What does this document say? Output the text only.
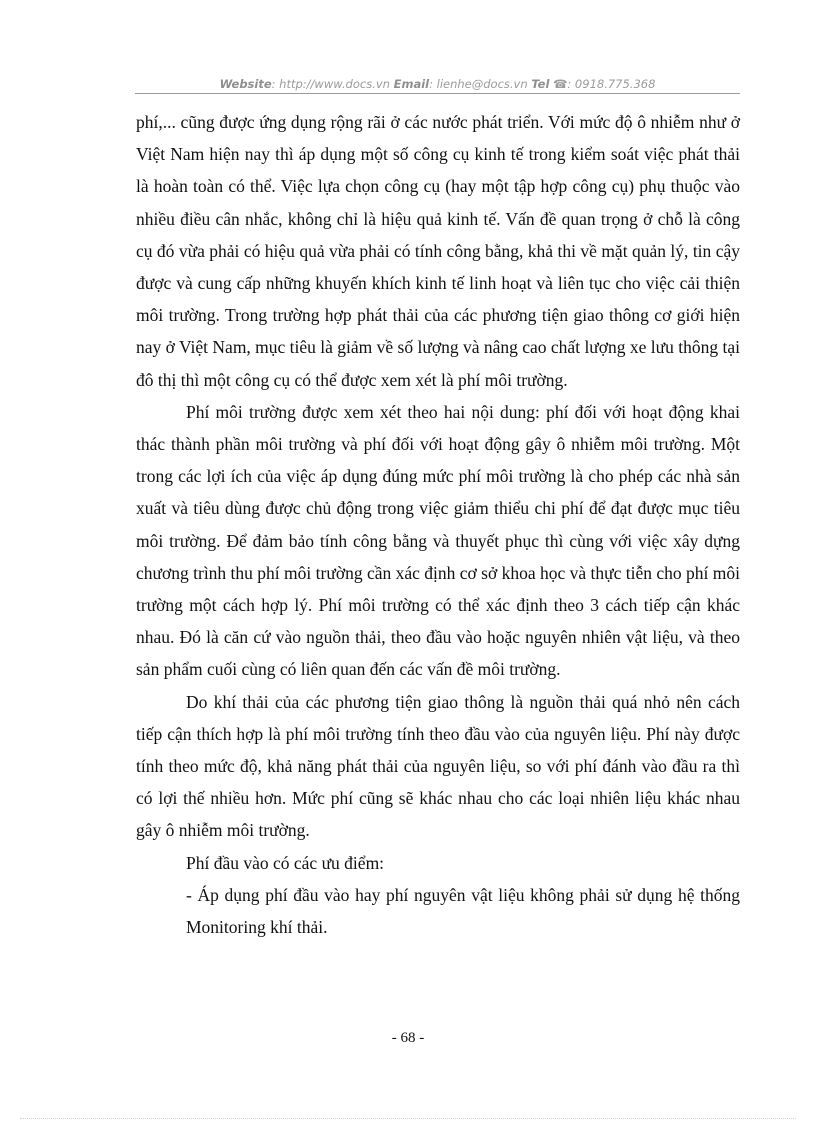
Website: http://www.docs.vn Email: lienhe@docs.vn Tel ☎: 0918.775.368

phí,... cũng được ứng dụng rộng rãi ở các nước phát triển. Với mức độ ô nhiễm như ở Việt Nam hiện nay thì áp dụng một số công cụ kinh tế trong kiểm soát việc phát thải là hoàn toàn có thể. Việc lựa chọn công cụ (hay một tập hợp công cụ) phụ thuộc vào nhiều điều cân nhắc, không chỉ là hiệu quả kinh tế. Vấn đề quan trọng ở chỗ là công cụ đó vừa phải có hiệu quả vừa phải có tính công bằng, khả thi về mặt quản lý, tin cậy được và cung cấp những khuyến khích kinh tế linh hoạt và liên tục cho việc cải thiện môi trường. Trong trường hợp phát thải của các phương tiện giao thông cơ giới hiện nay ở Việt Nam, mục tiêu là giảm về số lượng và nâng cao chất lượng xe lưu thông tại đô thị thì một công cụ có thể được xem xét là phí môi trường.

Phí môi trường được xem xét theo hai nội dung: phí đối với hoạt động khai thác thành phần môi trường và phí đối với hoạt động gây ô nhiễm môi trường. Một trong các lợi ích của việc áp dụng đúng mức phí môi trường là cho phép các nhà sản xuất và tiêu dùng được chủ động trong việc giảm thiểu chi phí để đạt được mục tiêu môi trường. Để đảm bảo tính công bằng và thuyết phục thì cùng với việc xây dựng chương trình thu phí môi trường cần xác định cơ sở khoa học và thực tiễn cho phí môi trường một cách hợp lý. Phí môi trường có thể xác định theo 3 cách tiếp cận khác nhau. Đó là căn cứ vào nguồn thải, theo đầu vào hoặc nguyên nhiên vật liệu, và theo sản phẩm cuối cùng có liên quan đến các vấn đề môi trường.

Do khí thải của các phương tiện giao thông là nguồn thải quá nhỏ nên cách tiếp cận thích hợp là phí môi trường tính theo đầu vào của nguyên liệu. Phí này được tính theo mức độ, khả năng phát thải của nguyên liệu, so với phí đánh vào đầu ra thì có lợi thế nhiều hơn. Mức phí cũng sẽ khác nhau cho các loại nhiên liệu khác nhau gây ô nhiễm môi trường.

Phí đầu vào có các ưu điểm:

- Áp dụng phí đầu vào hay phí nguyên vật liệu không phải sử dụng hệ thống Monitoring khí thải.

- 68 -
